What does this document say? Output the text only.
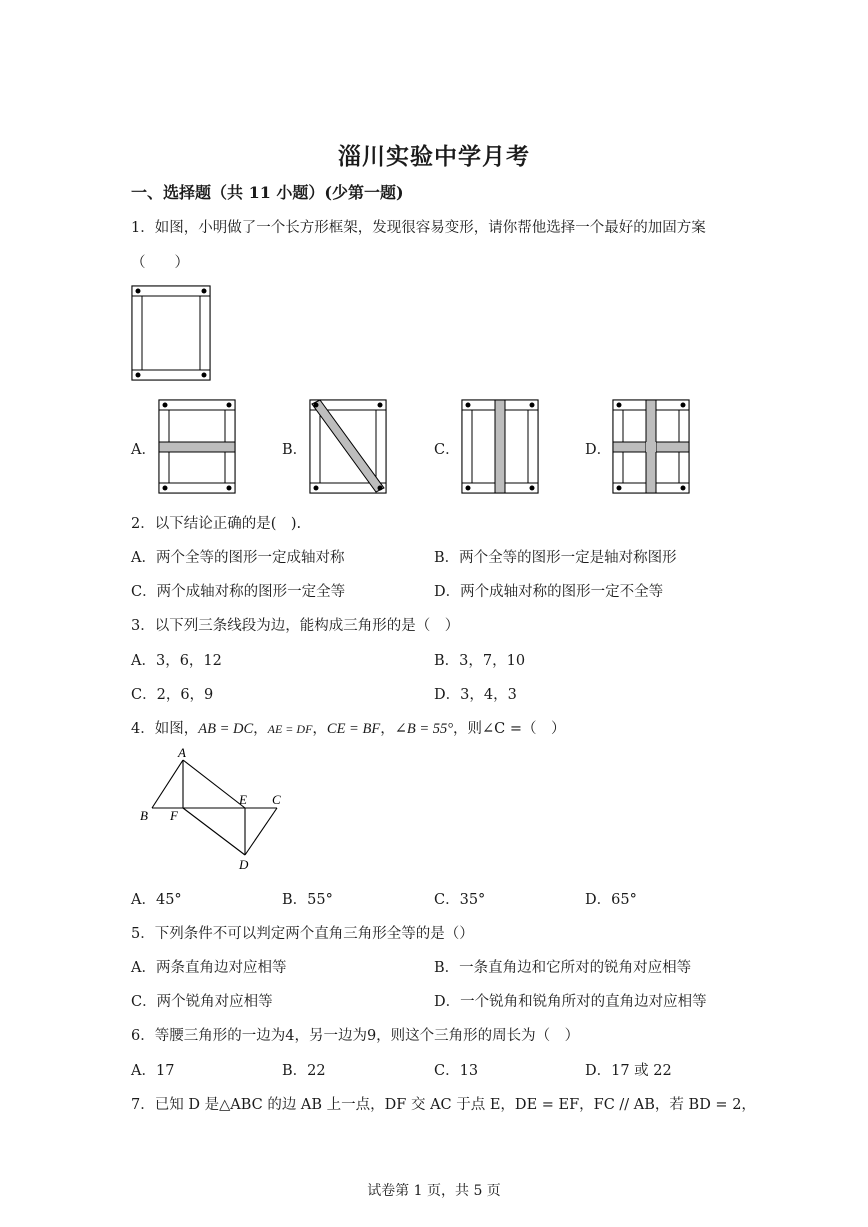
淄川实验中学月考
一、选择题（共 11 小题）(少第一题)
1．如图，小明做了一个长方形框架，发现很容易变形，请你帮他选择一个最好的加固方案
（　　）
A．	B．	C．	D．
2．以下结论正确的是(　).
A．两个全等的图形一定成轴对称	B．两个全等的图形一定是轴对称图形
C．两个成轴对称的图形一定全等	D．两个成轴对称的图形一定不全等
3．以下列三条线段为边，能构成三角形的是（　）
A．3，6，12	B．3，7，10
C．2，6，9	D．3，4，3
4．如图，AB = DC，AE = DF，CE = BF，∠B = 55°，则∠C =（　）
A
B F
E C
D
A．45°	B．55°	C．35°	D．65°
5．下列条件不可以判定两个直角三角形全等的是（）
A．两条直角边对应相等	B．一条直角边和它所对的锐角对应相等
C．两个锐角对应相等	D．一个锐角和锐角所对的直角边对应相等
6．等腰三角形的一边为4，另一边为9，则这个三角形的周长为（　）
A．17	B．22	C．13	D．17 或 22
7．已知 D 是△ABC 的边 AB 上一点，DF 交 AC 于点 E，DE = EF，FC // AB，若 BD = 2，
试卷第 1 页，共 5 页
